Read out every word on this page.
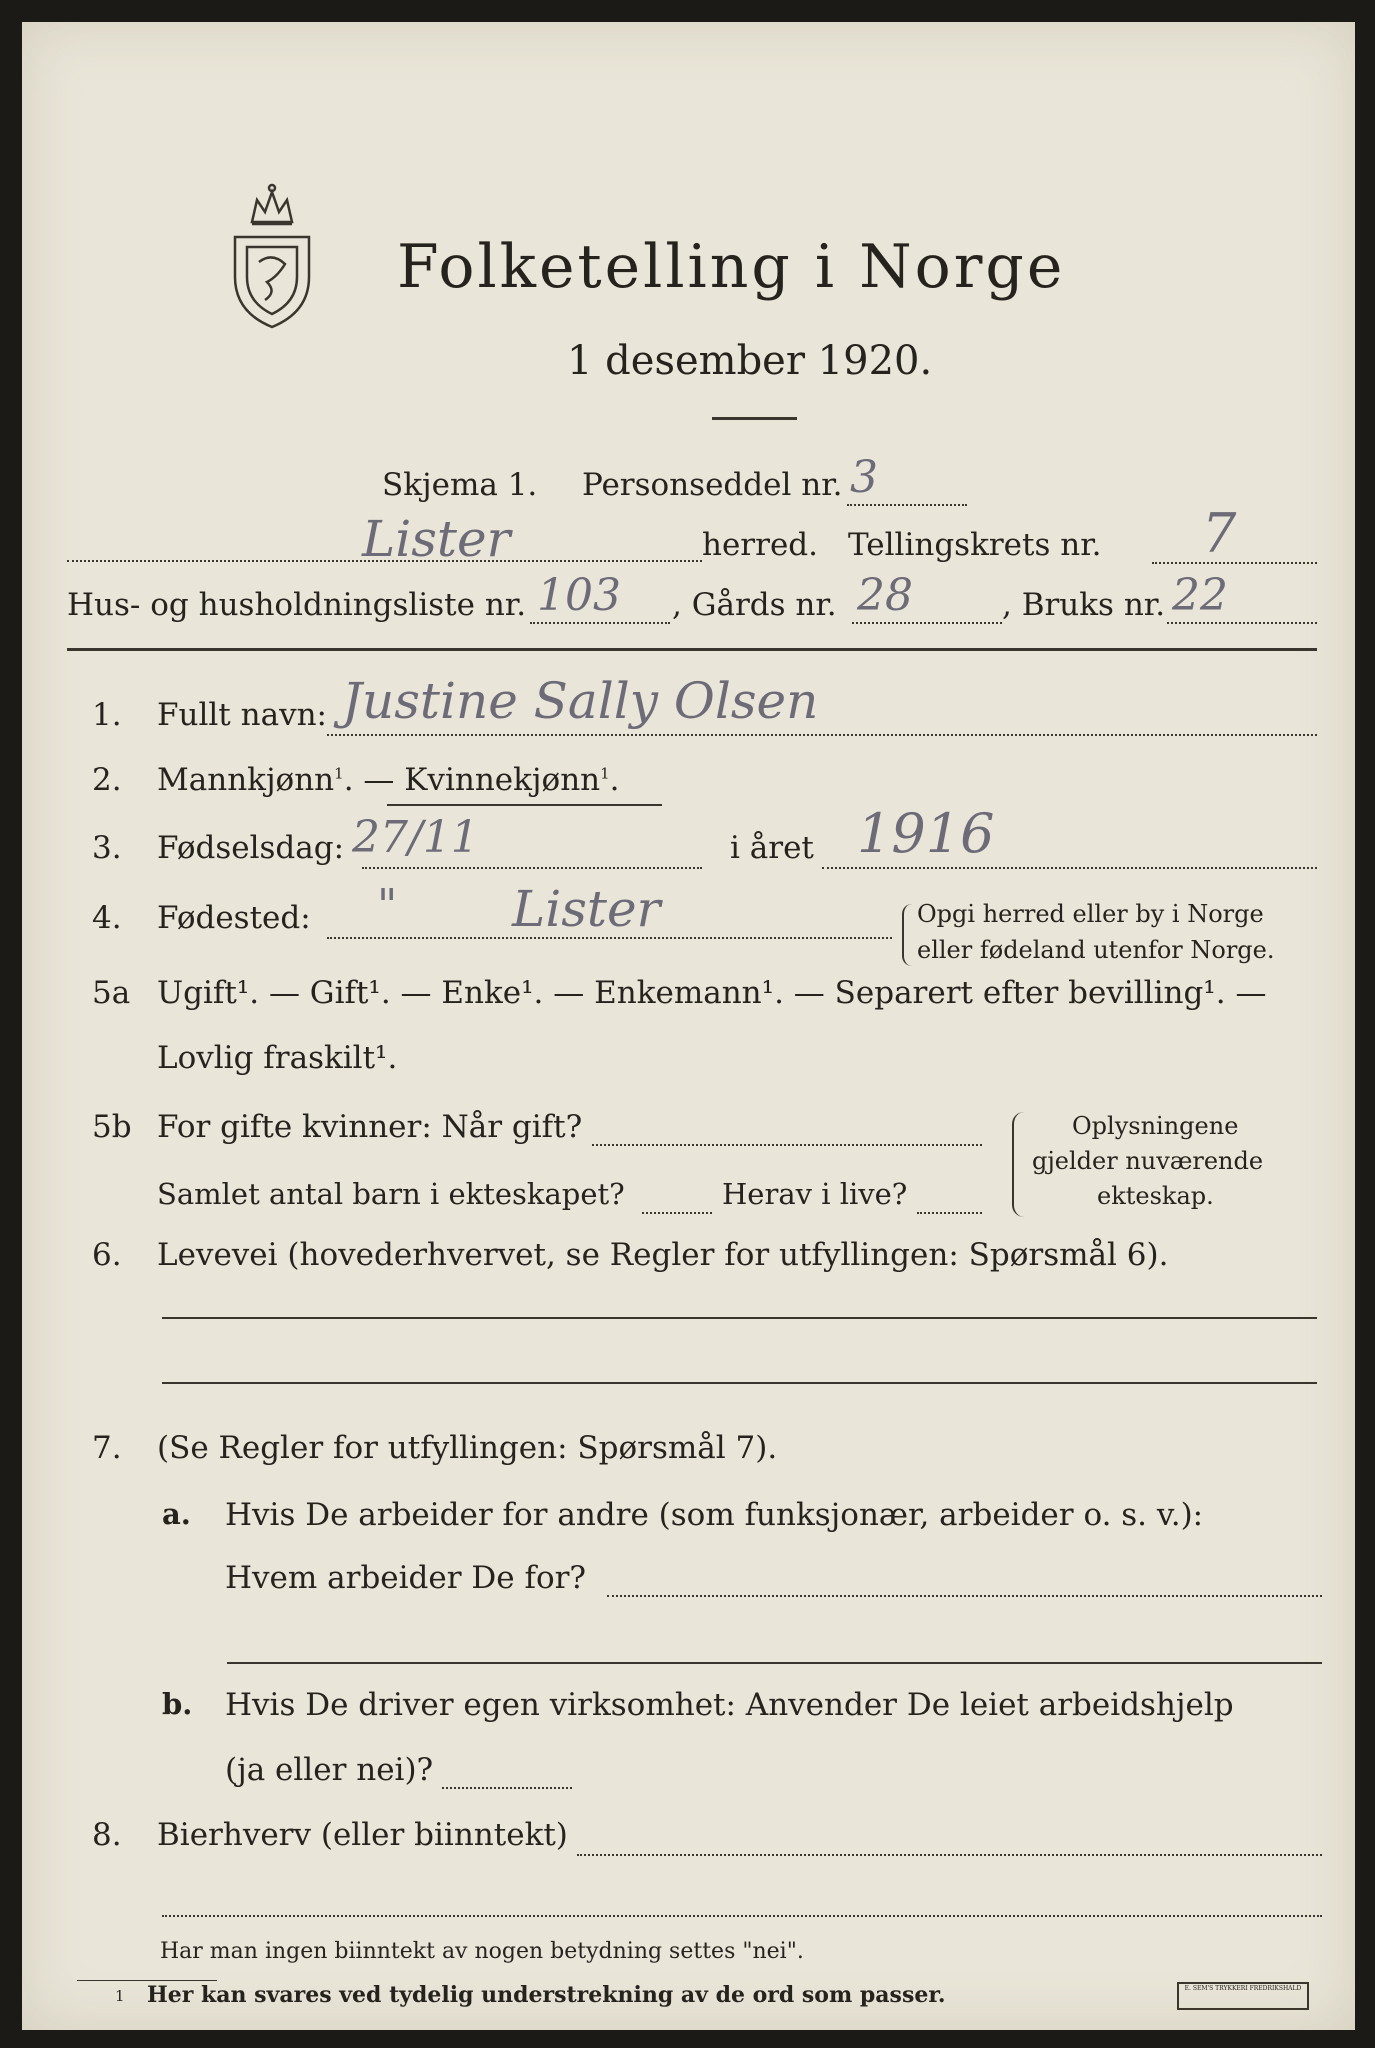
Folketelling i Norge
1 desember 1920.
Skjema 1. Personseddel nr. 3
Lister	herred. Tellingskrets nr. 7
Hus- og husholdningsliste nr. 103 , Gårds nr. 28	, Bruks nr. 22
1. Fullt navn: Justine Sally Olsen
2. Mannkjønn$^1$. — Kvinnekjønn$^1$.
3. Fødselsdag: 27/11	i året 1916
4. Fødested: " Lister	Opgi herred eller by i Norge
eller fødeland utenfor Norge.
5a Ugift¹. — Gift¹. — Enke¹. — Enkemann¹. — Separert efter bevilling¹. —
Lovlig fraskilt¹.
5b For gifte kvinner: Når gift?
Samlet antal barn i ekteskapet?	Herav i live?
Oplysningene
gjelder nuværende
ekteskap.
6. Levevei (hovederhvervet, se Regler for utfyllingen: Spørsmål 6).
7. (Se Regler for utfyllingen: Spørsmål 7).
a. Hvis De arbeider for andre (som funksjonær, arbeider o. s. v.):
Hvem arbeider De for?
b. Hvis De driver egen virksomhet: Anvender De leiet arbeidshjelp
(ja eller nei)?
8. Bierhverv (eller biinntekt)
Har man ingen biinntekt av nogen betydning settes "nei".
1 Her kan svares ved tydelig understrekning av de ord som passer.	E. SEM'S TRYKKERI FREDRIKSHALD
